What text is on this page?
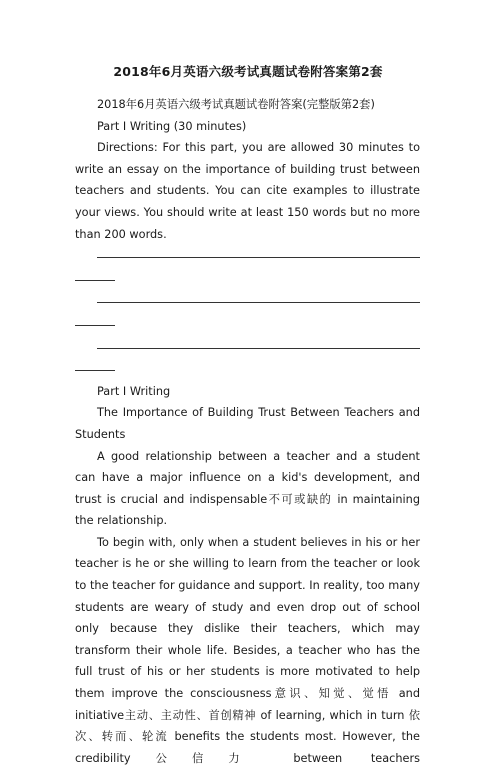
2018年6月英语六级考试真题试卷附答案第2套

2018年6月英语六级考试真题试卷附答案(完整版第2套)

Part I Writing (30 minutes)

Directions: For this part, you are allowed 30 minutes to write an essay on the importance of building trust between teachers and students. You can cite examples to illustrate your views. You should write at least 150 words but no more than 200 words.

Part Ⅰ Writing

The Importance of Building Trust Between Teachers and Students

A good relationship between a teacher and a student can have a major influence on a kid's development, and trust is crucial and indispensable不可或缺的 in maintaining the relationship.

To begin with, only when a student believes in his or her teacher is he or she willing to learn from the teacher or look to the teacher for guidance and support. In reality, too many students are weary of study and even drop out of school only because they dislike their teachers, which may transform their whole life. Besides, a teacher who has the full trust of his or her students is more motivated to help them improve the consciousness意识、知觉、觉悟 and initiative主动、主动性、首创精神 of learning, which in turn 依次、转而、轮流 benefits the students most. However, the credibility公信力 between teachers
